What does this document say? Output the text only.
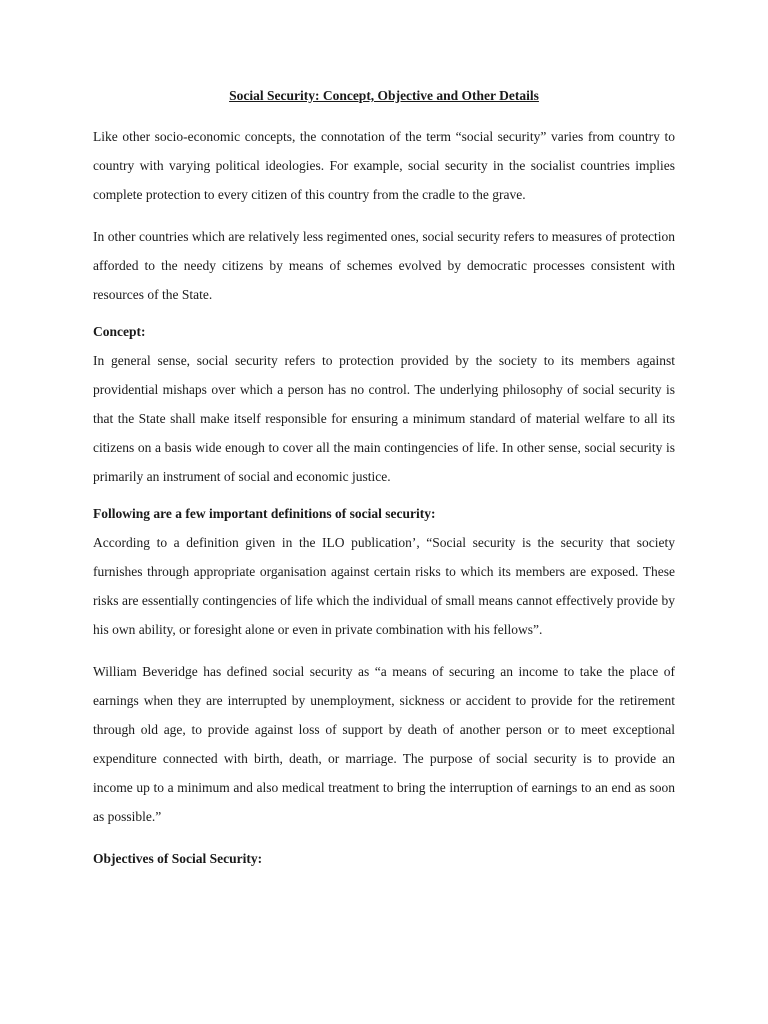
Social Security: Concept, Objective and Other Details

Like other socio-economic concepts, the connotation of the term “social security” varies from country to country with varying political ideologies. For example, social security in the socialist countries implies complete protection to every citizen of this country from the cradle to the grave.

In other countries which are relatively less regimented ones, social security refers to measures of protection afforded to the needy citizens by means of schemes evolved by democratic processes consistent with resources of the State.

Concept:

In general sense, social security refers to protection provided by the society to its members against providential mishaps over which a person has no control. The underlying philosophy of social security is that the State shall make itself responsible for ensuring a minimum standard of material welfare to all its citizens on a basis wide enough to cover all the main contingencies of life. In other sense, social security is primarily an instrument of social and economic justice.

Following are a few important definitions of social security:

According to a definition given in the ILO publication’, “Social security is the security that society furnishes through appropriate organisation against certain risks to which its members are exposed. These risks are essentially contingencies of life which the individual of small means cannot effectively provide by his own ability, or foresight alone or even in private combination with his fellows”.

William Beveridge has defined social security as “a means of securing an income to take the place of earnings when they are interrupted by unemployment, sickness or accident to provide for the retirement through old age, to provide against loss of support by death of another person or to meet exceptional expenditure connected with birth, death, or marriage. The purpose of social security is to provide an income up to a minimum and also medical treatment to bring the interruption of earnings to an end as soon as possible.”

Objectives of Social Security:
